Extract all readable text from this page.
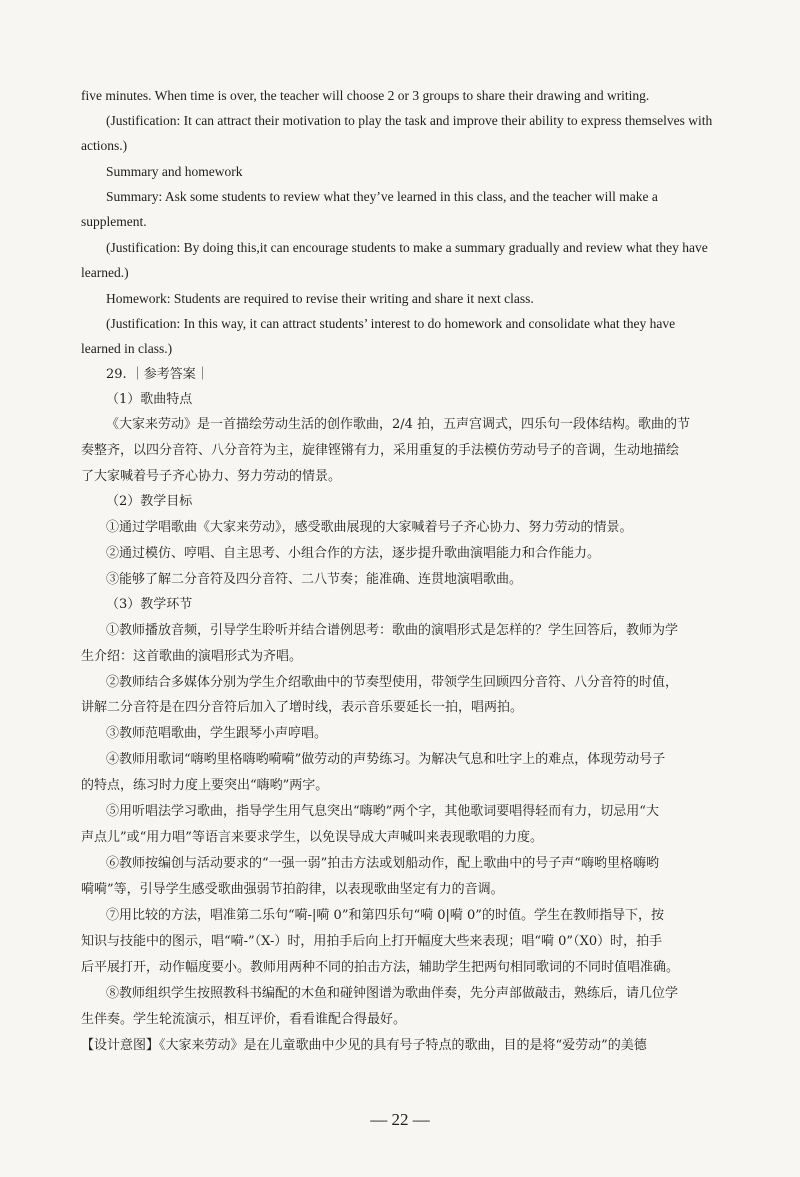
five minutes. When time is over, the teacher will choose 2 or 3 groups to share their drawing and writing.
(Justification: It can attract their motivation to play the task and improve their ability to express themselves with
actions.)
Summary and homework
Summary: Ask some students to review what they’ve learned in this class, and the teacher will make a
supplement.
(Justification: By doing this,it can encourage students to make a summary gradually and review what they have
learned.)
Homework: Students are required to revise their writing and share it next class.
(Justification: In this way, it can attract students’ interest to do homework and consolidate what they have
learned in class.)
29. ｜参考答案｜
（1）歌曲特点
《大家来劳动》是一首描绘劳动生活的创作歌曲，2/4 拍，五声宫调式，四乐句一段体结构。歌曲的节
奏整齐，以四分音符、八分音符为主，旋律铿锵有力，采用重复的手法模仿劳动号子的音调，生动地描绘
了大家喊着号子齐心协力、努力劳动的情景。
（2）教学目标
①通过学唱歌曲《大家来劳动》，感受歌曲展现的大家喊着号子齐心协力、努力劳动的情景。
②通过模仿、哼唱、自主思考、小组合作的方法，逐步提升歌曲演唱能力和合作能力。
③能够了解二分音符及四分音符、二八节奏；能准确、连贯地演唱歌曲。
（3）教学环节
①教师播放音频，引导学生聆听并结合谱例思考：歌曲的演唱形式是怎样的？学生回答后，教师为学
生介绍：这首歌曲的演唱形式为齐唱。
②教师结合多媒体分别为学生介绍歌曲中的节奏型使用，带领学生回顾四分音符、八分音符的时值，
讲解二分音符是在四分音符后加入了增时线，表示音乐要延长一拍，唱两拍。
③教师范唱歌曲，学生跟琴小声哼唱。
④教师用歌词“嗨哟里格嗨哟嗬嗬”做劳动的声势练习。为解决气息和吐字上的难点，体现劳动号子
的特点，练习时力度上要突出“嗨哟”两字。
⑤用听唱法学习歌曲，指导学生用气息突出“嗨哟”两个字，其他歌词要唱得轻而有力，切忌用“大
声点儿”或“用力唱”等语言来要求学生，以免误导成大声喊叫来表现歌唱的力度。
⑥教师按编创与活动要求的“一强一弱”拍击方法或划船动作，配上歌曲中的号子声“嗨哟里格嗨哟
嗬嗬”等，引导学生感受歌曲强弱节拍韵律，以表现歌曲坚定有力的音调。
⑦用比较的方法，唱准第二乐句“嗬-|嗬 0”和第四乐句“嗬 0|嗬 0”的时值。学生在教师指导下，按
知识与技能中的图示，唱“嗬-”（X-）时，用拍手后向上打开幅度大些来表现；唱“嗬 0”（X0）时，拍手
后平展打开，动作幅度要小。教师用两种不同的拍击方法，辅助学生把两句相同歌词的不同时值唱准确。
⑧教师组织学生按照教科书编配的木鱼和碰钟图谱为歌曲伴奏，先分声部做敲击，熟练后，请几位学
生伴奏。学生轮流演示，相互评价，看看谁配合得最好。
【设计意图】《大家来劳动》是在儿童歌曲中少见的具有号子特点的歌曲，目的是将“爱劳动”的美德
— 22 —
